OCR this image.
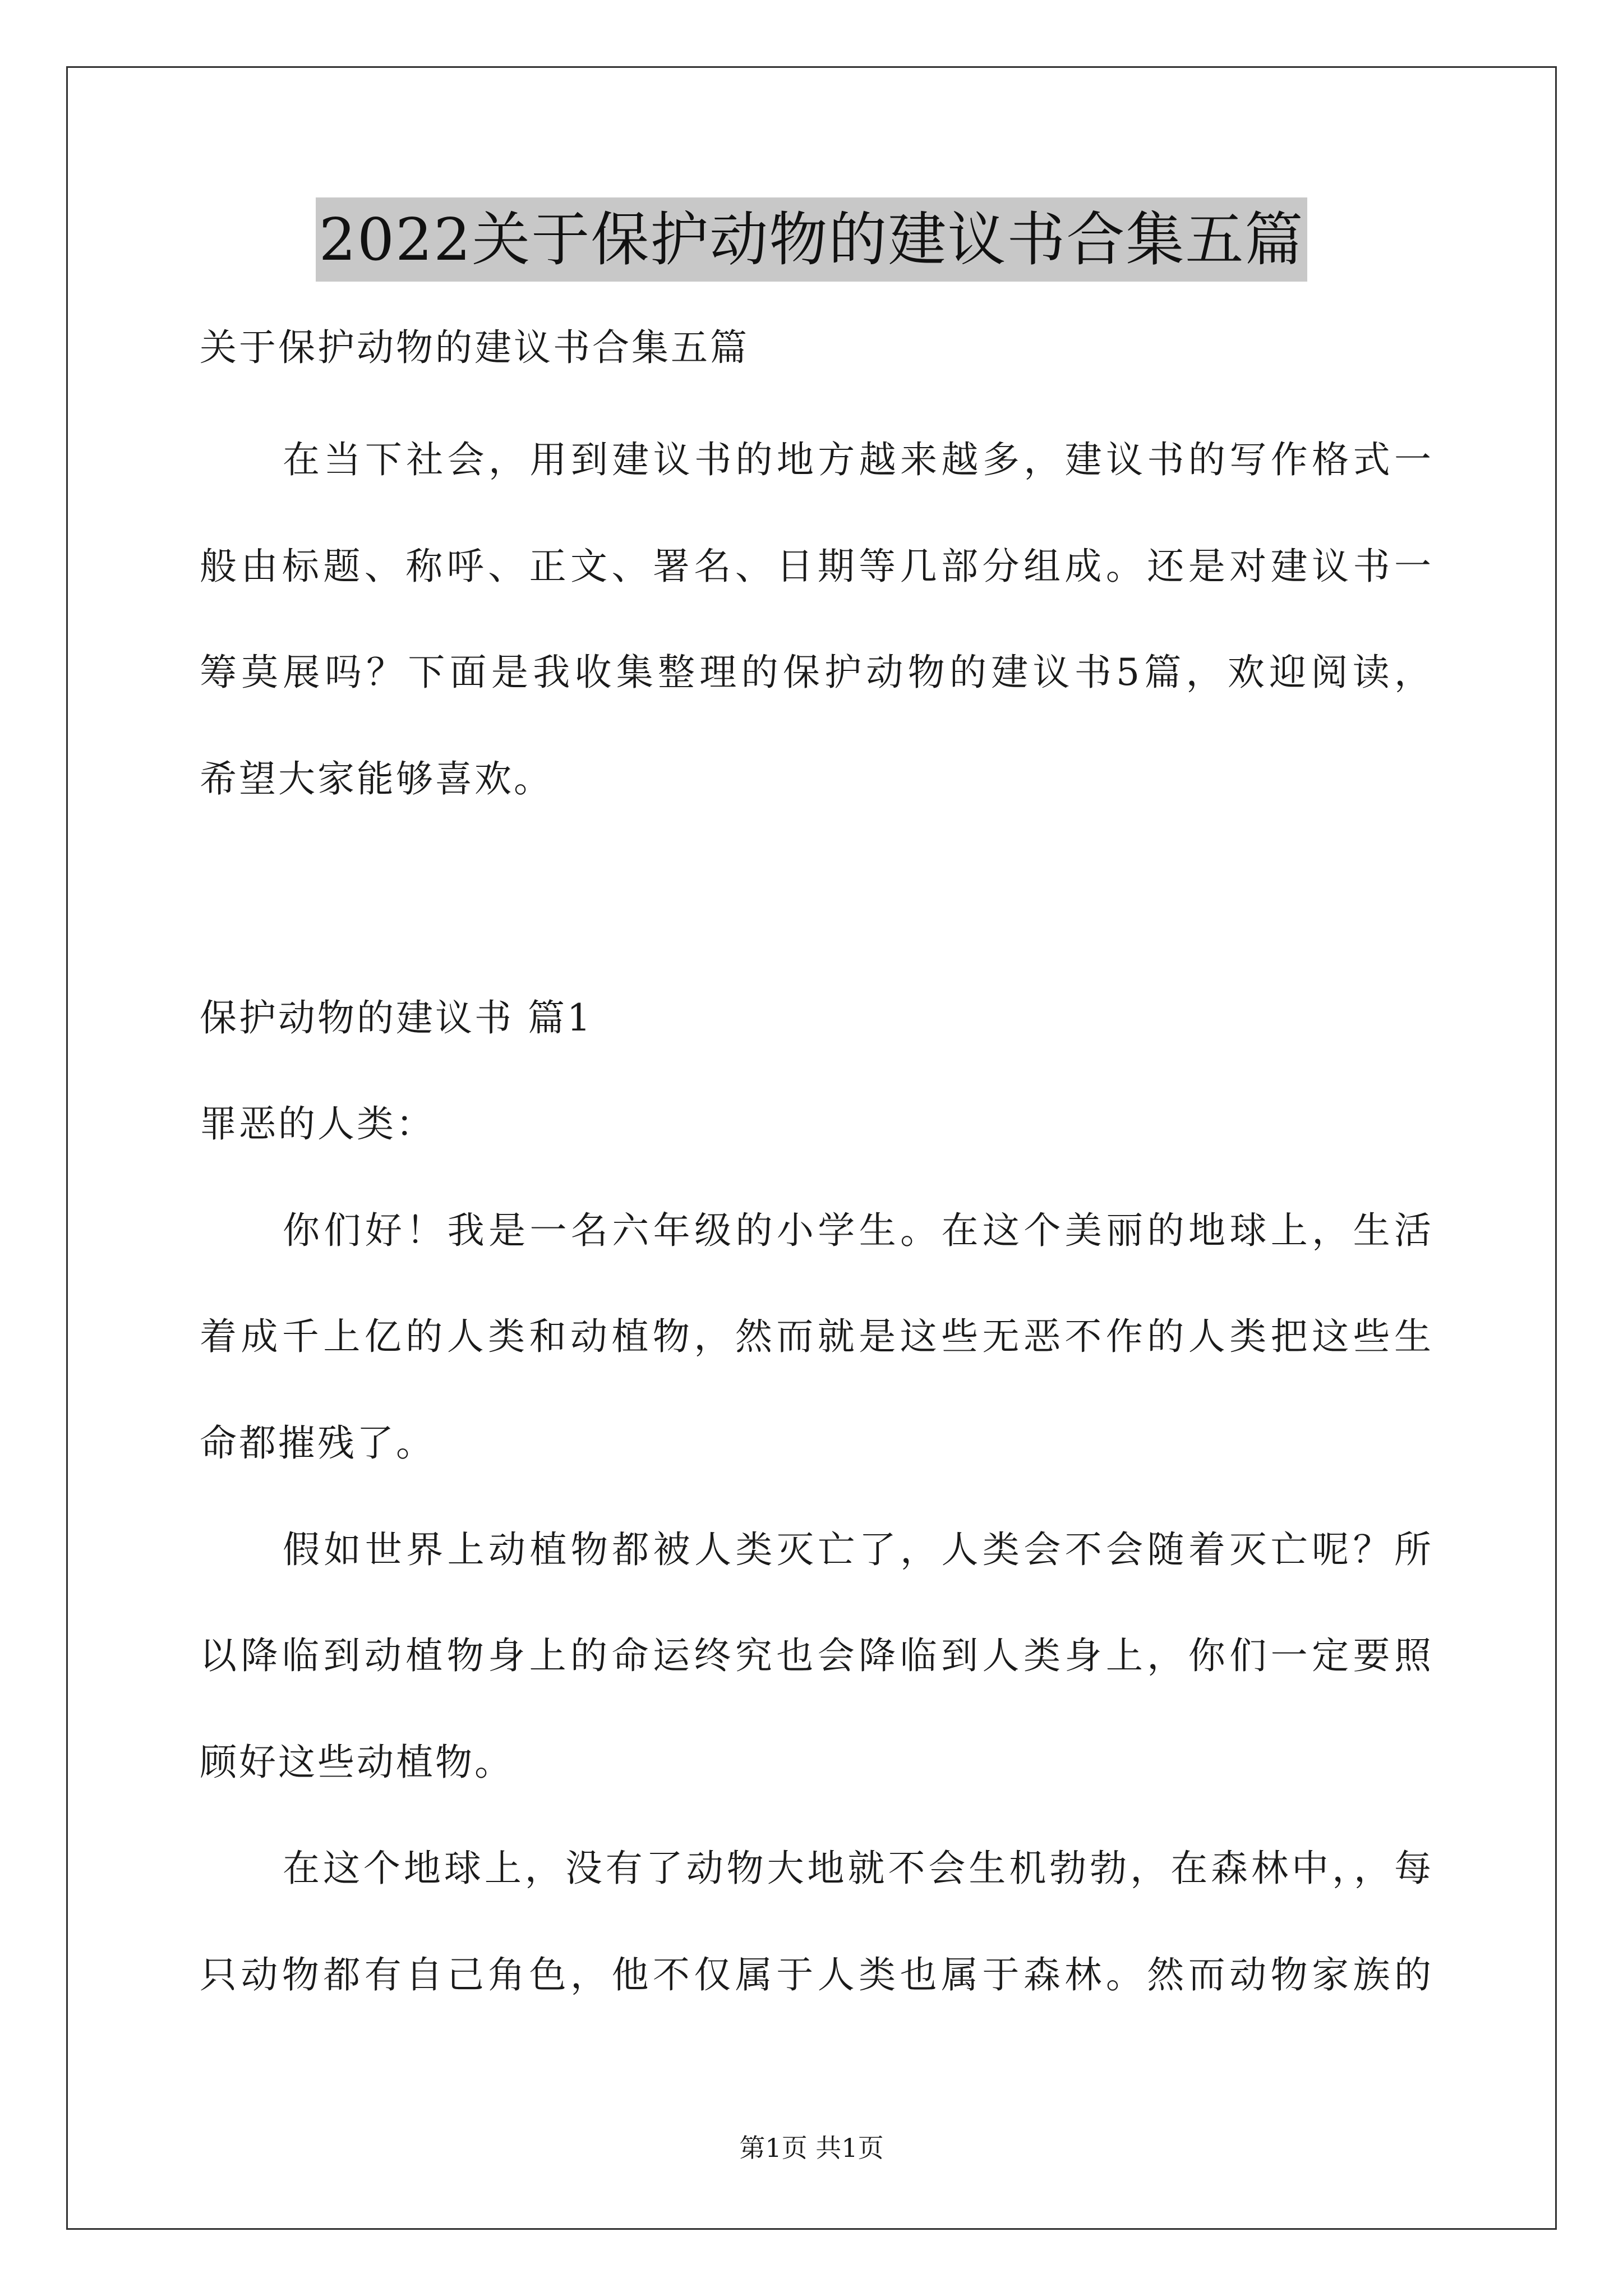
2022关于保护动物的建议书合集五篇
关于保护动物的建议书合集五篇
在当下社会，用到建议书的地方越来越多，建议书的写作格式一
般由标题、称呼、正文、署名、日期等几部分组成。还是对建议书一
筹莫展吗？下面是我收集整理的保护动物的建议书5篇，欢迎阅读，
希望大家能够喜欢。
保护动物的建议书 篇1
罪恶的人类：
你们好！我是一名六年级的小学生。在这个美丽的地球上，生活
着成千上亿的人类和动植物，然而就是这些无恶不作的人类把这些生
命都摧残了。
假如世界上动植物都被人类灭亡了，人类会不会随着灭亡呢？所
以降临到动植物身上的命运终究也会降临到人类身上，你们一定要照
顾好这些动植物。
在这个地球上，没有了动物大地就不会生机勃勃，在森林中，，每
只动物都有自己角色，他不仅属于人类也属于森林。然而动物家族的
第1页 共1页
